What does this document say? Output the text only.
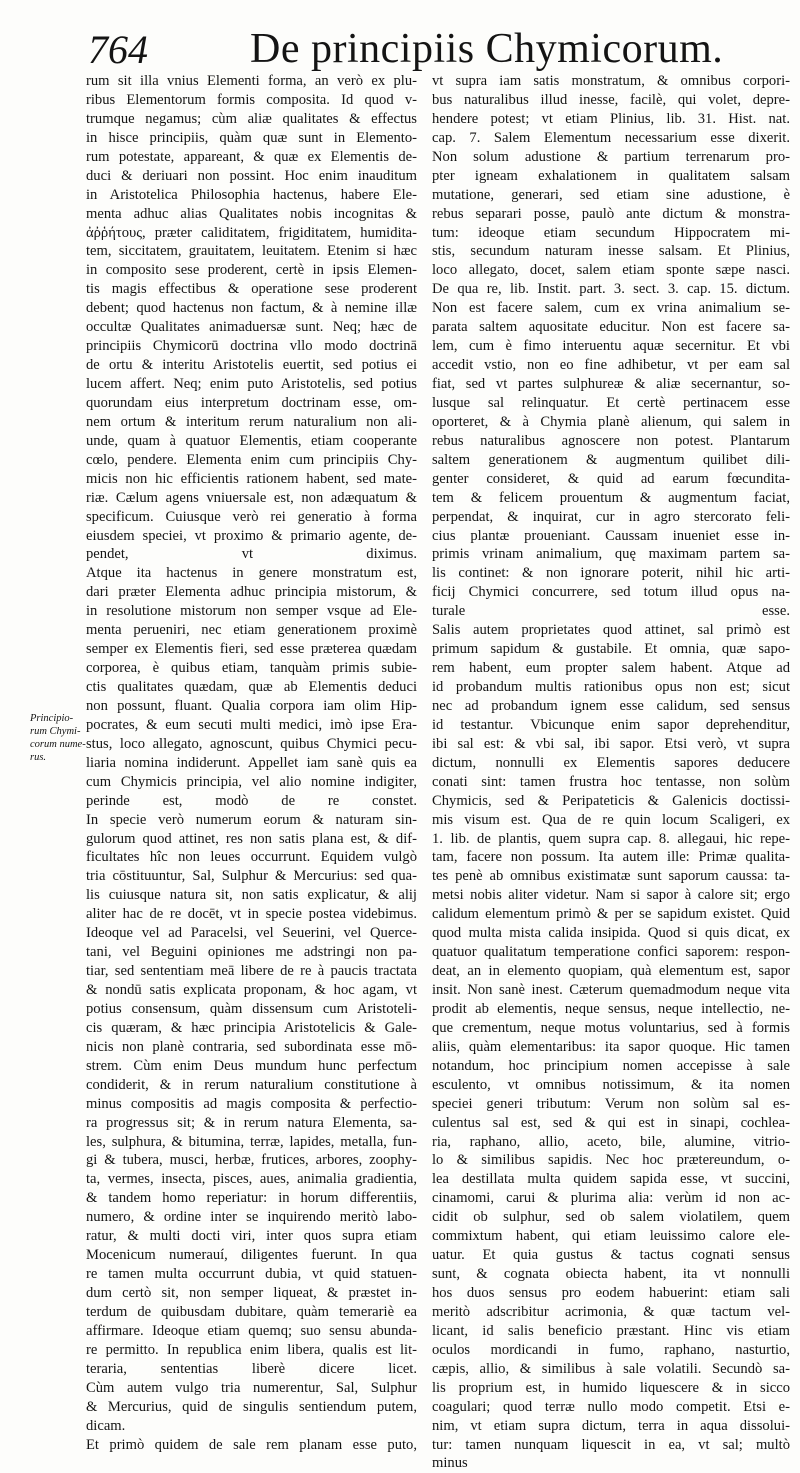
764 De principiis Chymicorum.
Principio-
rum Chymi-
corum nume-
rus.
rum sit illa vnius Elementi forma, an verò ex plu-
ribus Elementorum formis composita. Id quod v-
trumque negamus; cùm aliæ qualitates & effectus
in hisce principiis, quàm quæ sunt in Elemento-
rum potestate, appareant, & quæ ex Elementis de-
duci & deriuari non possint. Hoc enim inauditum
in Aristotelica Philosophia hactenus, habere Ele-
menta adhuc alias Qualitates nobis incognitas &
ἀῤῥήτους, præter caliditatem, frigiditatem, humidita-
tem, siccitatem, grauitatem, leuitatem. Etenim si hæc
in composito sese proderent, certè in ipsis Elemen-
tis magis effectibus & operatione sese proderent
debent; quod hactenus non factum, & à nemine illæ
occultæ Qualitates animaduersæ sunt. Neq; hæc de
principiis Chymicorū doctrina vllo modo doctrinā
de ortu & interitu Aristotelis euertit, sed potius ei
lucem affert. Neq; enim puto Aristotelis, sed potius
quorundam eius interpretum doctrinam esse, om-
nem ortum & interitum rerum naturalium non ali-
unde, quam à quatuor Elementis, etiam cooperante
cœlo, pendere. Elementa enim cum principiis Chy-
micis non hic efficientis rationem habent, sed mate-
riæ. Cælum agens vniuersale est, non adæquatum &
specificum. Cuiusque verò rei generatio à forma
eiusdem speciei, vt proximo & primario agente, de-
pendet, vt diximus.
Atque ita hactenus in genere monstratum est,
dari præter Elementa adhuc principia mistorum, &
in resolutione mistorum non semper vsque ad Ele-
menta perueniri, nec etiam generationem proximè
semper ex Elementis fieri, sed esse præterea quædam
corporea, è quibus etiam, tanquàm primis subie-
ctis qualitates quædam, quæ ab Elementis deduci
non possunt, fluant. Qualia corpora iam olim Hip-
pocrates, & eum secuti multi medici, imò ipse Era-
stus, loco allegato, agnoscunt, quibus Chymici pecu-
liaria nomina indiderunt. Appellet iam sanè quis ea
cum Chymicis principia, vel alio nomine indigiter,
perinde est, modò de re constet.
In specie verò numerum eorum & naturam sin-
gulorum quod attinet, res non satis plana est, & dif-
ficultates hîc non leues occurrunt. Equidem vulgò
tria cōstituuntur, Sal, Sulphur & Mercurius: sed qua-
lis cuiusque natura sit, non satis explicatur, & alij
aliter hac de re docēt, vt in specie postea videbimus.
Ideoque vel ad Paracelsi, vel Seuerini, vel Querce-
tani, vel Beguini opiniones me adstringi non pa-
tiar, sed sententiam meā libere de re à paucis tractata
& nondū satis explicata proponam, & hoc agam, vt
potius consensum, quàm dissensum cum Aristoteli-
cis quæram, & hæc principia Aristotelicis & Gale-
nicis non planè contraria, sed subordinata esse mō-
strem. Cùm enim Deus mundum hunc perfectum
condiderit, & in rerum naturalium constitutione à
minus compositis ad magis composita & perfectio-
ra progressus sit; & in rerum natura Elementa, sa-
les, sulphura, & bitumina, terræ, lapides, metalla, fun-
gi & tubera, musci, herbæ, frutices, arbores, zoophy-
ta, vermes, insecta, pisces, aues, animalia gradientia,
& tandem homo reperiatur: in horum differentiis,
numero, & ordine inter se inquirendo meritò labo-
ratur, & multi docti viri, inter quos supra etiam
Mocenicum numerauí, diligentes fuerunt. In qua
re tamen multa occurrunt dubia, vt quid statuen-
dum certò sit, non semper liqueat, & præstet in-
terdum de quibusdam dubitare, quàm temerariè ea
affirmare. Ideoque etiam quemq; suo sensu abunda-
re permitto. In republica enim libera, qualis est lit-
teraria, sententias liberè dicere licet.
Cùm autem vulgo tria numerentur, Sal, Sulphur
& Mercurius, quid de singulis sentiendum putem,
dicam.
Et primò quidem de sale rem planam esse puto,
vt supra iam satis monstratum, & omnibus corpori-
bus naturalibus illud inesse, facilè, qui volet, depre-
hendere potest; vt etiam Plinius, lib. 31. Hist. nat.
cap. 7. Salem Elementum necessarium esse dixerit.
Non solum adustione & partium terrenarum pro-
pter igneam exhalationem in qualitatem salsam
mutatione, generari, sed etiam sine adustione, è
rebus separari posse, paulò ante dictum & monstra-
tum: ideoque etiam secundum Hippocratem mi-
stis, secundum naturam inesse salsam. Et Plinius,
loco allegato, docet, salem etiam sponte sæpe nasci.
De qua re, lib. Instit. part. 3. sect. 3. cap. 15. dictum.
Non est facere salem, cum ex vrina animalium se-
parata saltem aquositate educitur. Non est facere sa-
lem, cum è fimo interuentu aquæ secernitur. Et vbi
accedit vstio, non eo fine adhibetur, vt per eam sal
fiat, sed vt partes sulphureæ & aliæ secernantur, so-
lusque sal relinquatur. Et certè pertinacem esse
oporteret, & à Chymia planè alienum, qui salem in
rebus naturalibus agnoscere non potest. Plantarum
saltem generationem & augmentum quilibet dili-
genter consideret, & quid ad earum fœcundita-
tem & felicem prouentum & augmentum faciat,
perpendat, & inquirat, cur in agro stercorato feli-
cius plantæ proueniant. Caussam inueniet esse in-
primis vrinam animalium, quę maximam partem sa-
lis continet: & non ignorare poterit, nihil hic arti-
ficij Chymici concurrere, sed totum illud opus na-
turale esse.
Salis autem proprietates quod attinet, sal primò est
primum sapidum & gustabile. Et omnia, quæ sapo-
rem habent, eum propter salem habent. Atque ad
id probandum multis rationibus opus non est; sicut
nec ad probandum ignem esse calidum, sed sensus
id testantur. Vbicunque enim sapor deprehenditur,
ibi sal est: & vbi sal, ibi sapor. Etsi verò, vt supra
dictum, nonnulli ex Elementis sapores deducere
conati sint: tamen frustra hoc tentasse, non solùm
Chymicis, sed & Peripateticis & Galenicis doctissi-
mis visum est. Qua de re quin locum Scaligeri, ex
1. lib. de plantis, quem supra cap. 8. allegaui, hic repe-
tam, facere non possum. Ita autem ille: Primæ qualita-
tes penè ab omnibus existimatæ sunt saporum caussa: ta-
metsi nobis aliter videtur. Nam si sapor à calore sit; ergo
calidum elementum primò & per se sapidum existet. Quid
quod multa mista calida insipida. Quod si quis dicat, ex
quatuor qualitatum temperatione confici saporem: respon-
deat, an in elemento quopiam, quà elementum est, sapor
insit. Non sanè inest. Cæterum quemadmodum neque vita
prodit ab elementis, neque sensus, neque intellectio, ne-
que crementum, neque motus voluntarius, sed à formis
aliis, quàm elementaribus: ita sapor quoque. Hic tamen
notandum, hoc principium nomen accepisse à sale
esculento, vt omnibus notissimum, & ita nomen
speciei generi tributum: Verum non solùm sal es-
culentus sal est, sed & qui est in sinapi, cochlea-
ria, raphano, allio, aceto, bile, alumine, vitrio-
lo & similibus sapidis. Nec hoc prætereundum, o-
lea destillata multa quidem sapida esse, vt succini,
cinamomi, carui & plurima alia: verùm id non ac-
cidit ob sulphur, sed ob salem violatilem, quem
commixtum habent, qui etiam leuissimo calore ele-
uatur. Et quia gustus & tactus cognati sensus
sunt, & cognata obiecta habent, ita vt nonnulli
hos duos sensus pro eodem habuerint: etiam sali
meritò adscribitur acrimonia, & quæ tactum vel-
licant, id salis beneficio præstant. Hinc vis etiam
oculos mordicandi in fumo, raphano, nasturtio,
cæpis, allio, & similibus à sale volatili. Secundò sa-
lis proprium est, in humido liquescere & in sicco
coagulari; quod terræ nullo modo competit. Etsi e-
nim, vt etiam supra dictum, terra in aqua dissolui-
tur: tamen nunquam liquescit in ea, vt sal; multò
minus
